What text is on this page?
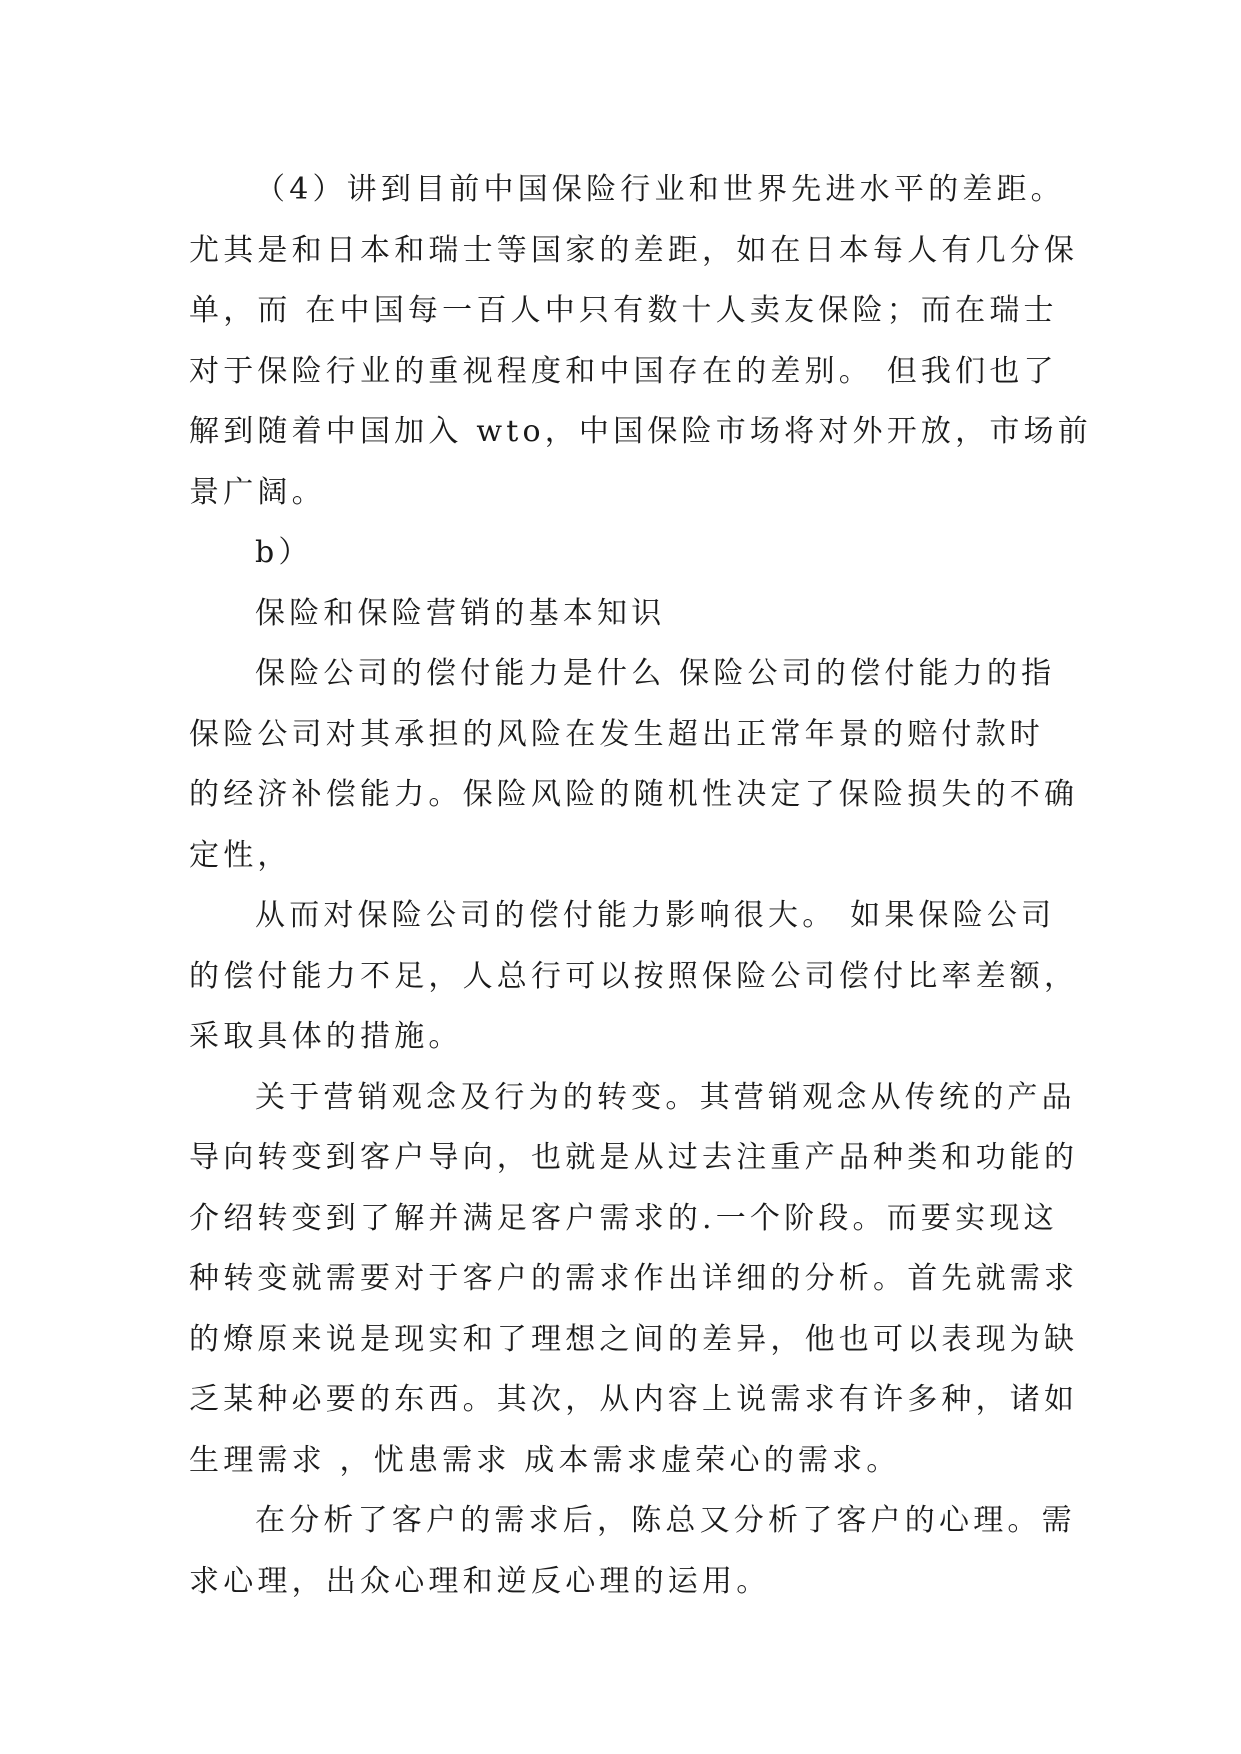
（4）讲到目前中国保险行业和世界先进水平的差距。
尤其是和日本和瑞士等国家的差距，如在日本每人有几分保
单，而 在中国每一百人中只有数十人卖友保险；而在瑞士
对于保险行业的重视程度和中国存在的差别。 但我们也了
解到随着中国加入 wto，中国保险市场将对外开放，市场前
景广阔。
b）
保险和保险营销的基本知识
保险公司的偿付能力是什么 保险公司的偿付能力的指
保险公司对其承担的风险在发生超出正常年景的赔付款时
的经济补偿能力。保险风险的随机性决定了保险损失的不确
定性，
从而对保险公司的偿付能力影响很大。 如果保险公司
的偿付能力不足，人总行可以按照保险公司偿付比率差额，
采取具体的措施。
关于营销观念及行为的转变。其营销观念从传统的产品
导向转变到客户导向，也就是从过去注重产品种类和功能的
介绍转变到了解并满足客户需求的.一个阶段。而要实现这
种转变就需要对于客户的需求作出详细的分析。首先就需求
的燎原来说是现实和了理想之间的差异，他也可以表现为缺
乏某种必要的东西。其次，从内容上说需求有许多种，诸如
生理需求 ，忧患需求 成本需求虚荣心的需求。
在分析了客户的需求后，陈总又分析了客户的心理。需
求心理，出众心理和逆反心理的运用。
